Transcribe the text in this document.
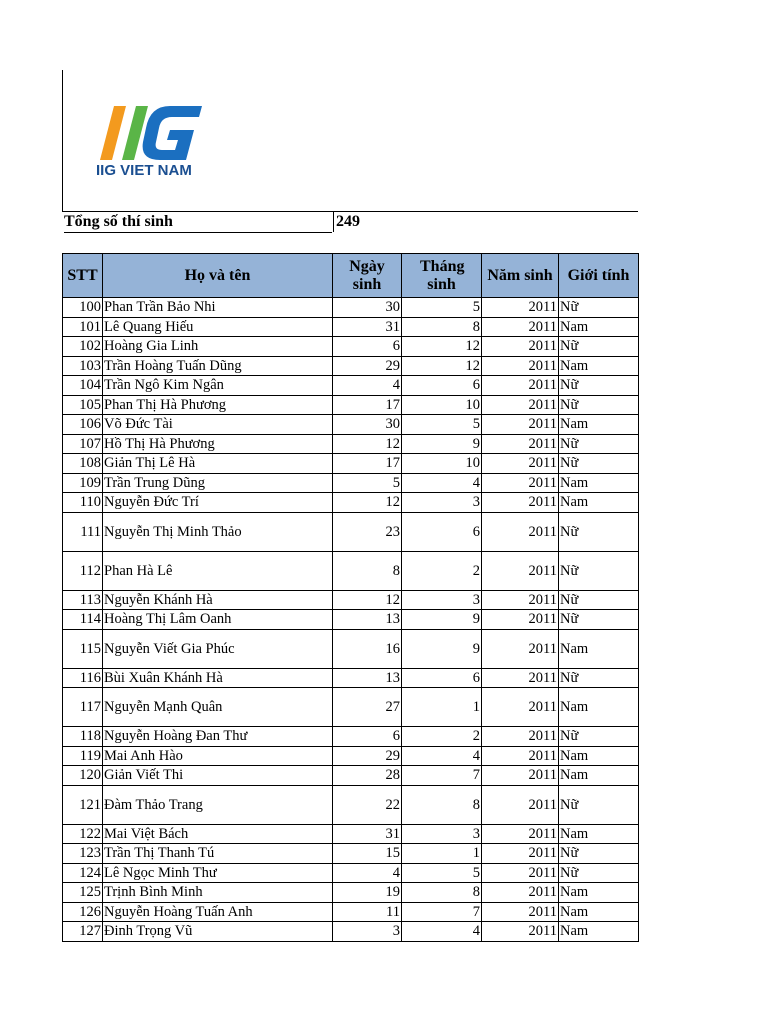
IIG VIET NAM
Tổng số thí sinh	249
STT	Họ và tên	Ngày sinh	Tháng sinh	Năm sinh	Giới tính
100	Phan Trần Bảo Nhi	30	5	2011	Nữ
101	Lê Quang Hiếu	31	8	2011	Nam
102	Hoàng Gia Linh	6	12	2011	Nữ
103	Trần Hoàng Tuấn Dũng	29	12	2011	Nam
104	Trần Ngô Kim Ngân	4	6	2011	Nữ
105	Phan Thị Hà Phương	17	10	2011	Nữ
106	Võ Đức Tài	30	5	2011	Nam
107	Hồ Thị Hà Phương	12	9	2011	Nữ
108	Giản Thị Lê Hà	17	10	2011	Nữ
109	Trần Trung Dũng	5	4	2011	Nam
110	Nguyễn Đức Trí	12	3	2011	Nam
111	Nguyễn Thị Minh Thảo	23	6	2011	Nữ
112	Phan Hà Lê	8	2	2011	Nữ
113	Nguyễn Khánh Hà	12	3	2011	Nữ
114	Hoàng Thị Lâm Oanh	13	9	2011	Nữ
115	Nguyễn Viết Gia Phúc	16	9	2011	Nam
116	Bùi Xuân Khánh Hà	13	6	2011	Nữ
117	Nguyễn Mạnh Quân	27	1	2011	Nam
118	Nguyễn Hoàng Đan Thư	6	2	2011	Nữ
119	Mai Anh Hào	29	4	2011	Nam
120	Giản Viết Thi	28	7	2011	Nam
121	Đàm Thảo Trang	22	8	2011	Nữ
122	Mai Việt Bách	31	3	2011	Nam
123	Trần Thị Thanh Tú	15	1	2011	Nữ
124	Lê Ngọc Minh Thư	4	5	2011	Nữ
125	Trịnh Bình Minh	19	8	2011	Nam
126	Nguyễn Hoàng Tuấn Anh	11	7	2011	Nam
127	Đinh Trọng Vũ	3	4	2011	Nam
